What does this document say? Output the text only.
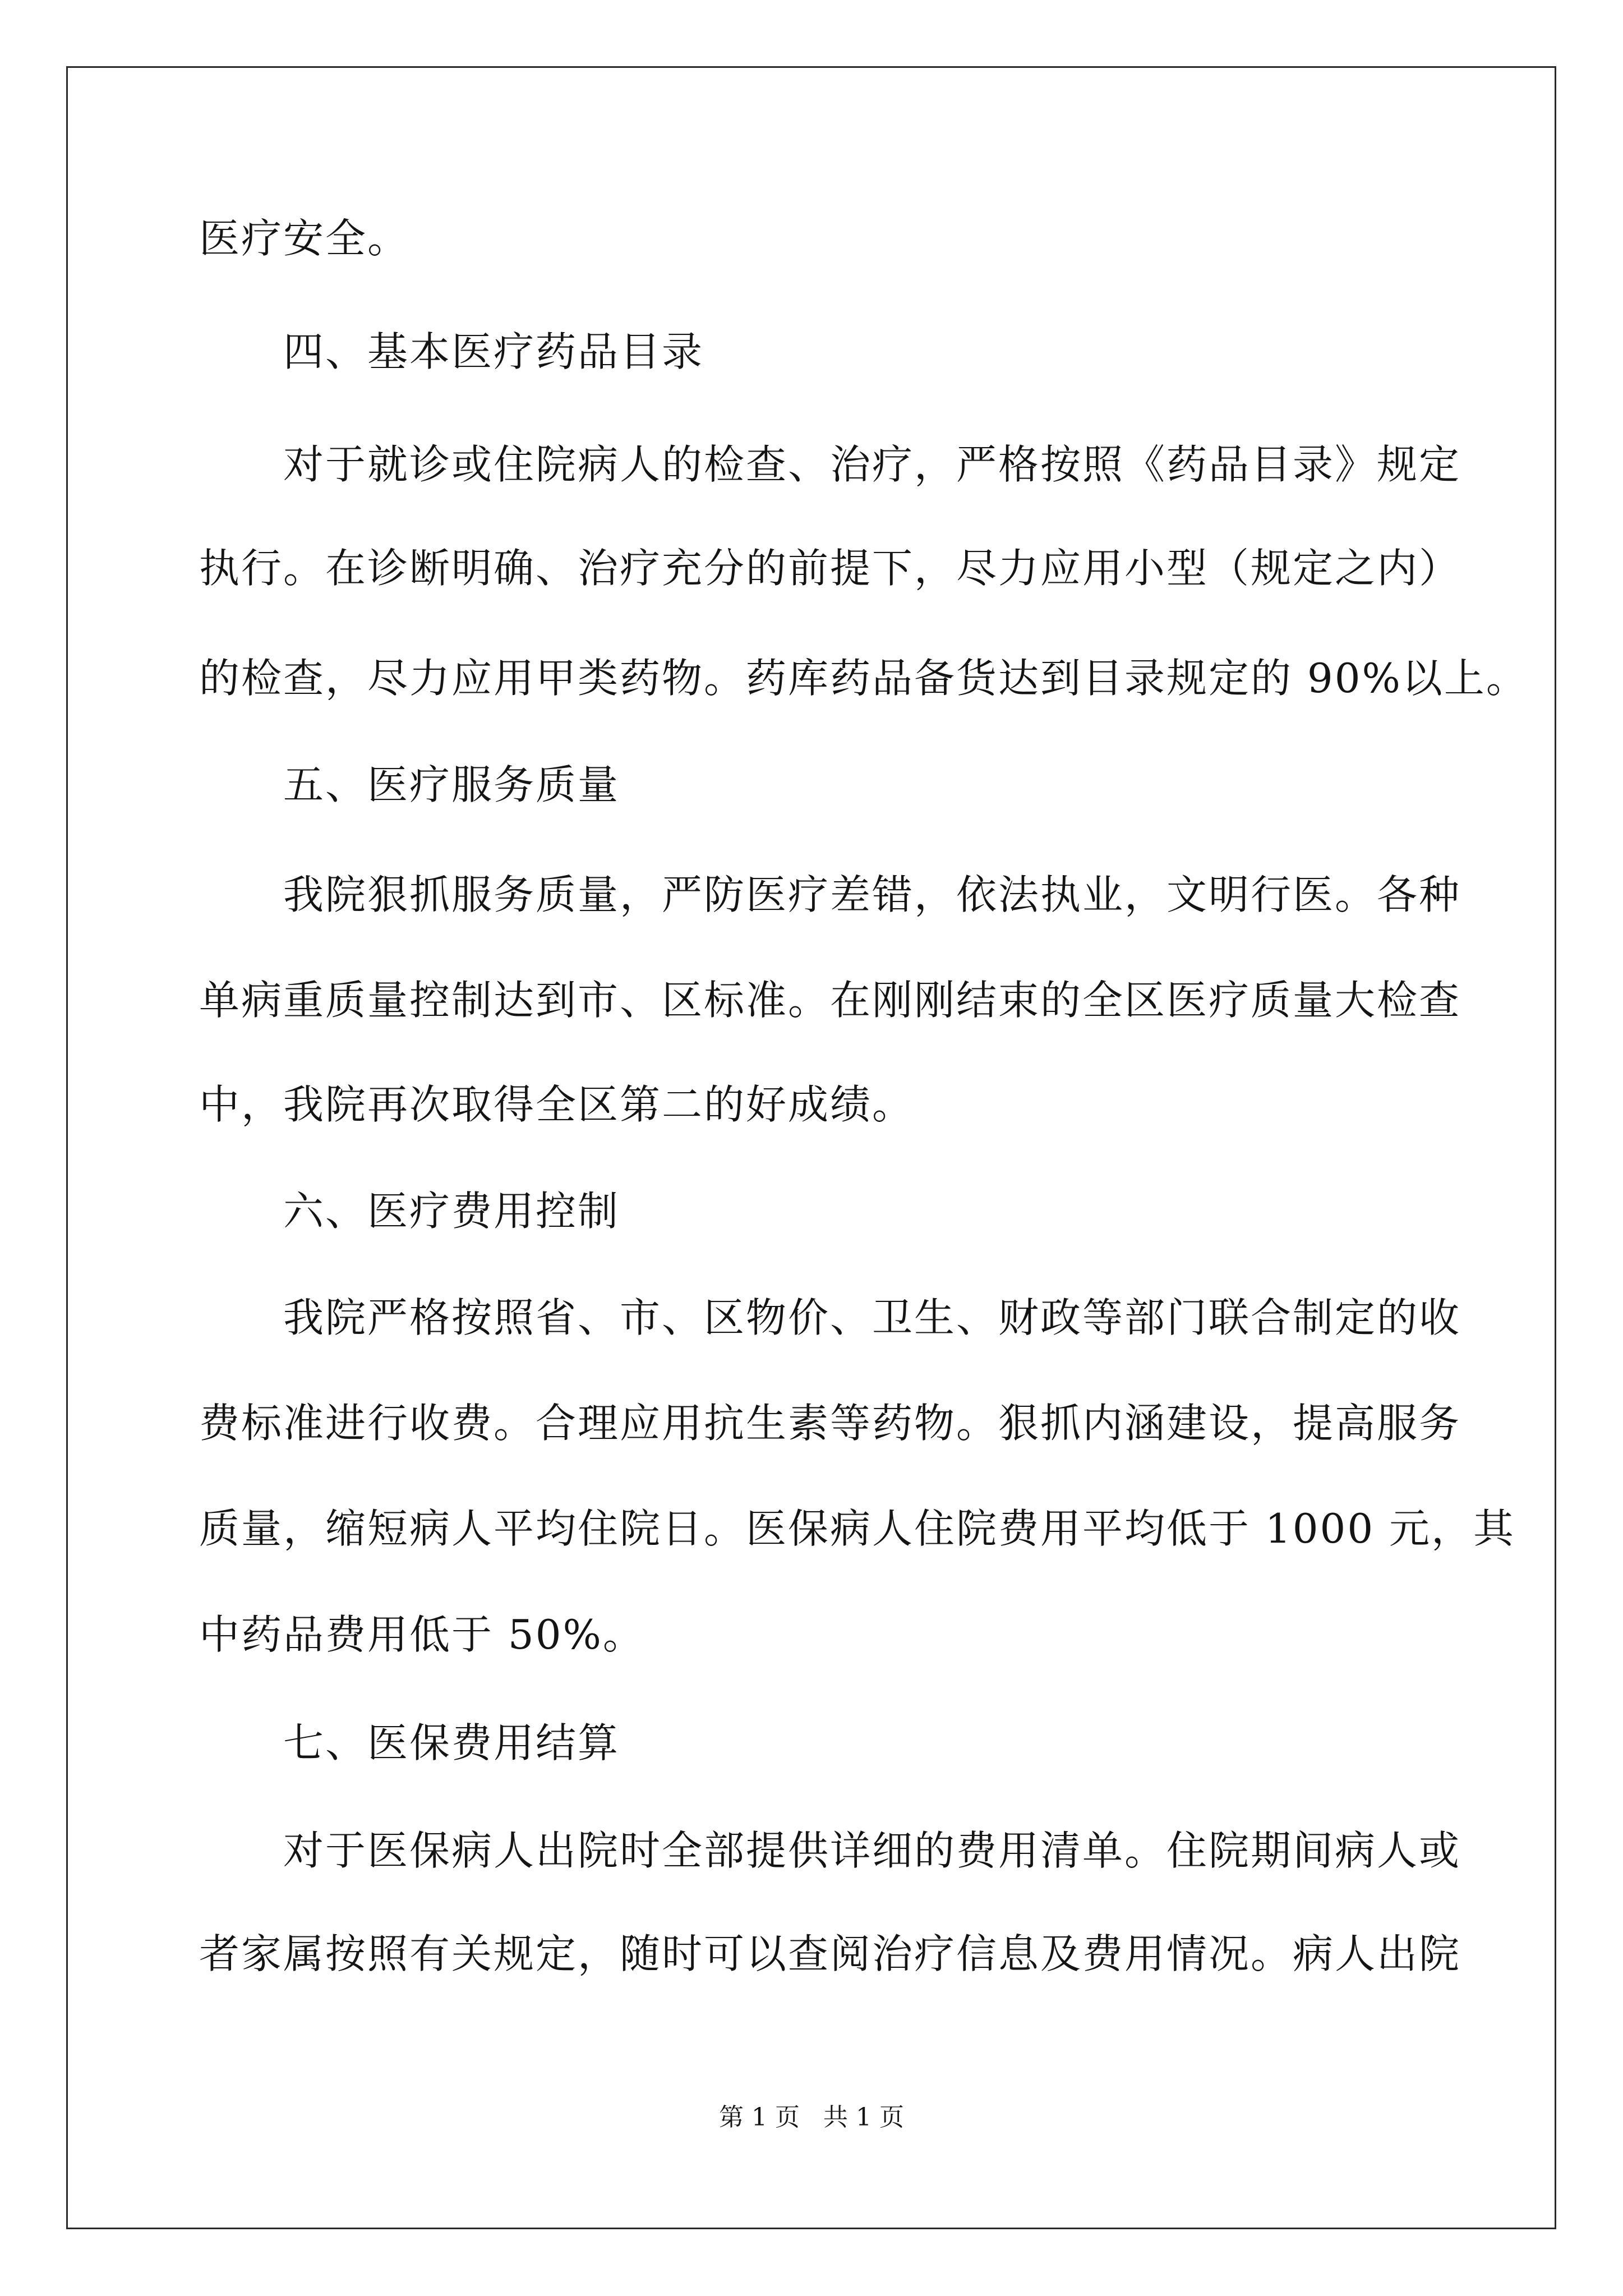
医疗安全。
四、基本医疗药品目录
对于就诊或住院病人的检查、治疗，严格按照《药品目录》规定
执行。在诊断明确、治疗充分的前提下，尽力应用小型（规定之内）
的检查，尽力应用甲类药物。药库药品备货达到目录规定的 90%以上。
五、医疗服务质量
我院狠抓服务质量，严防医疗差错，依法执业，文明行医。各种
单病重质量控制达到市、区标准。在刚刚结束的全区医疗质量大检查
中，我院再次取得全区第二的好成绩。
六、医疗费用控制
我院严格按照省、市、区物价、卫生、财政等部门联合制定的收
费标准进行收费。合理应用抗生素等药物。狠抓内涵建设，提高服务
质量，缩短病人平均住院日。医保病人住院费用平均低于 1000 元，其
中药品费用低于 50%。
七、医保费用结算
对于医保病人出院时全部提供详细的费用清单。住院期间病人或
者家属按照有关规定，随时可以查阅治疗信息及费用情况。病人出院
第 1 页   共 1 页
